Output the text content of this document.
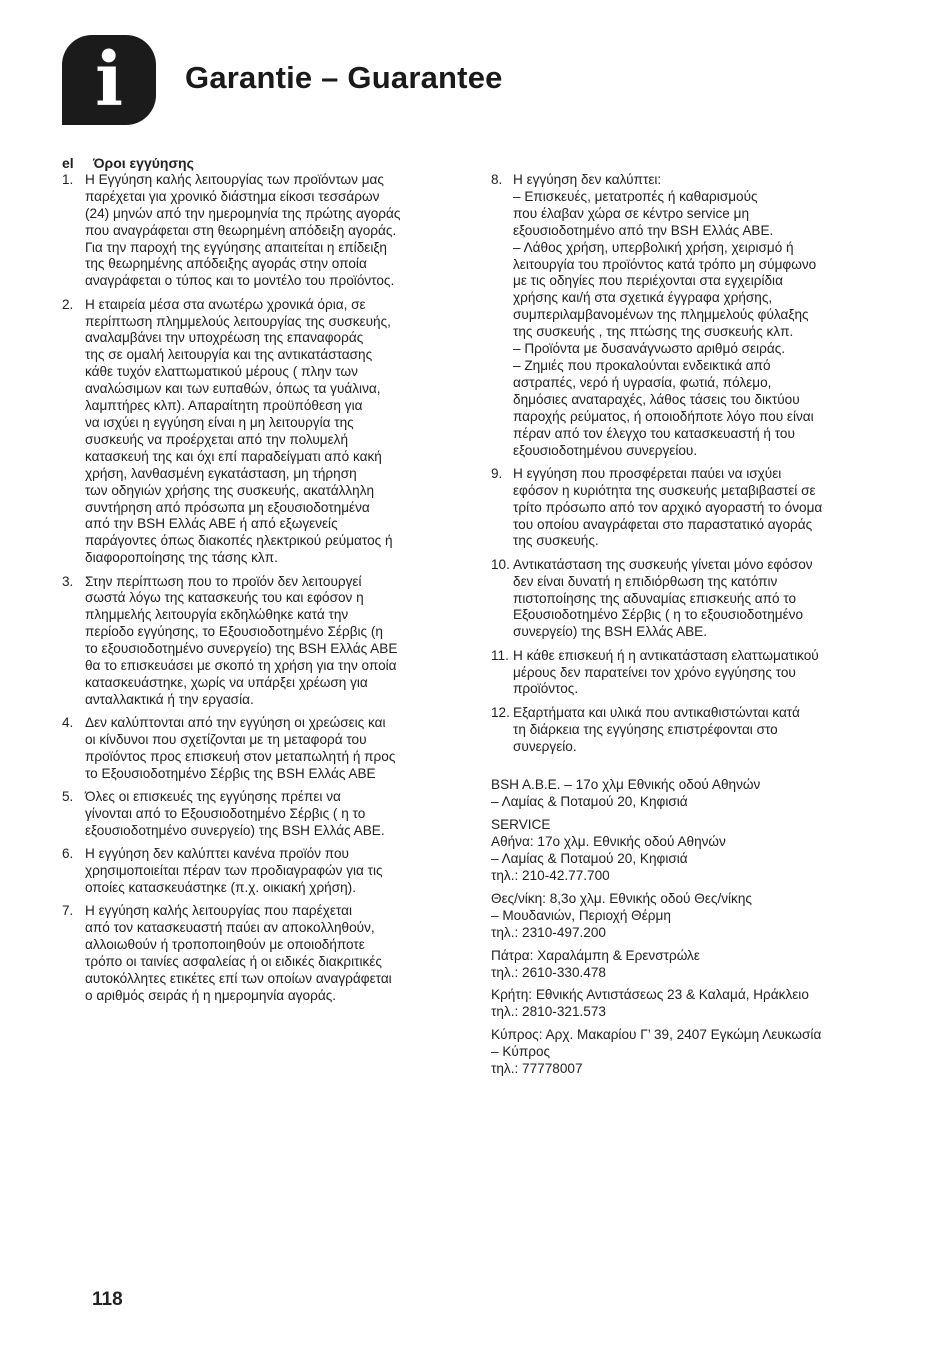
i	Garantie – Guarantee
el	Όροι εγγύησης
1. Η Εγγύηση καλής λειτουργίας των προϊόντων μας
παρέχεται για χρονικό διάστημα είκοσι τεσσάρων
(24) μηνών από την ημερομηνία της πρώτης αγοράς
που αναγράφεται στη θεωρημένη απόδειξη αγοράς.
Για την παροχή της εγγύησης απαιτείται η επίδειξη
της θεωρημένης απόδειξης αγοράς στην οποία
αναγράφεται ο τύπος και το μοντέλο του προϊόντος.
2. Η εταιρεία μέσα στα ανωτέρω χρονικά όρια, σε
περίπτωση πλημμελούς λειτουργίας της συσκευής,
αναλαμβάνει την υποχρέωση της επαναφοράς
της σε ομαλή λειτουργία και της αντικατάστασης
κάθε τυχόν ελαττωματικού μέρους ( πλην των
αναλώσιμων και των ευπαθών, όπως τα γυάλινα,
λαμπτήρες κλπ). Απαραίτητη προϋπόθεση για
να ισχύει η εγγύηση είναι η μη λειτουργία της
συσκευής να προέρχεται από την πολυμελή
κατασκευή της και όχι επί παραδείγματι από κακή
χρήση, λανθασμένη εγκατάσταση, μη τήρηση
των οδηγιών χρήσης της συσκευής, ακατάλληλη
συντήρηση από πρόσωπα μη εξουσιοδοτημένα
από την BSH Ελλάς ΑΒΕ ή από εξωγενείς
παράγοντες όπως διακοπές ηλεκτρικού ρεύματος ή
διαφοροποίησης της τάσης κλπ.
3. Στην περίπτωση που το προϊόν δεν λειτουργεί
σωστά λόγω της κατασκευής του και εφόσον η
πλημμελής λειτουργία εκδηλώθηκε κατά την
περίοδο εγγύησης, το Εξουσιοδοτημένο Σέρβις (η
το εξουσιοδοτημένο συνεργείο) της BSH Ελλάς ΑΒΕ
θα το επισκευάσει με σκοπό τη χρήση για την οποία
κατασκευάστηκε, χωρίς να υπάρξει χρέωση για
ανταλλακτικά ή την εργασία.
4. Δεν καλύπτονται από την εγγύηση οι χρεώσεις και
οι κίνδυνοι που σχετίζονται με τη μεταφορά του
προϊόντος προς επισκευή στον μεταπωλητή ή προς
το Εξουσιοδοτημένο Σέρβις της BSH Ελλάς ΑΒΕ
5. Όλες οι επισκευές της εγγύησης πρέπει να
γίνονται από το Εξουσιοδοτημένο Σέρβις ( η το
εξουσιοδοτημένο συνεργείο) της BSH Ελλάς ΑΒΕ.
6. Η εγγύηση δεν καλύπτει κανένα προϊόν που
χρησιμοποιείται πέραν των προδιαγραφών για τις
οποίες κατασκευάστηκε (π.χ. οικιακή χρήση).
7. Η εγγύηση καλής λειτουργίας που παρέχεται
από τον κατασκευαστή παύει αν αποκολληθούν,
αλλοιωθούν ή τροποποιηθούν με οποιοδήποτε
τρόπο οι ταινίες ασφαλείας ή οι ειδικές διακριτικές
αυτοκόλλητες ετικέτες επί των οποίων αναγράφεται
ο αριθμός σειράς ή η ημερομηνία αγοράς.
8. Η εγγύηση δεν καλύπτει:
– Επισκευές, μετατροπές ή καθαρισμούς
που έλαβαν χώρα σε κέντρο service μη
εξουσιοδοτημένο από την BSH Ελλάς ΑΒΕ.
– Λάθος χρήση, υπερβολική χρήση, χειρισμό ή
λειτουργία του προϊόντος κατά τρόπο μη σύμφωνο
με τις οδηγίες που περιέχονται στα εγχειρίδια
χρήσης και/ή στα σχετικά έγγραφα χρήσης,
συμπεριλαμβανομένων της πλημμελούς φύλαξης
της συσκευής , της πτώσης της συσκευής κλπ.
– Προϊόντα με δυσανάγνωστο αριθμό σειράς.
– Ζημιές που προκαλούνται ενδεικτικά από
αστραπές, νερό ή υγρασία, φωτιά, πόλεμο,
δημόσιες αναταραχές, λάθος τάσεις του δικτύου
παροχής ρεύματος, ή οποιοδήποτε λόγο που είναι
πέραν από τον έλεγχο του κατασκευαστή ή του
εξουσιοδοτημένου συνεργείου.
9. Η εγγύηση που προσφέρεται παύει να ισχύει
εφόσον η κυριότητα της συσκευής μεταβιβαστεί σε
τρίτο πρόσωπο από τον αρχικό αγοραστή το όνομα
του οποίου αναγράφεται στο παραστατικό αγοράς
της συσκευής.
10. Αντικατάσταση της συσκευής γίνεται μόνο εφόσον
δεν είναι δυνατή η επιδιόρθωση της κατόπιν
πιστοποίησης της αδυναμίας επισκευής από το
Εξουσιοδοτημένο Σέρβις ( η το εξουσιοδοτημένο
συνεργείο) της BSH Ελλάς ΑΒΕ.
11. Η κάθε επισκευή ή η αντικατάσταση ελαττωματικού
μέρους δεν παρατείνει τον χρόνο εγγύησης του
προϊόντος.
12. Εξαρτήματα και υλικά που αντικαθιστώνται κατά
τη διάρκεια της εγγύησης επιστρέφονται στο
συνεργείο.
BSH A.B.E. – 17ο χλμ Εθνικής οδού Αθηνών
– Λαμίας & Ποταμού 20, Κηφισιά
SERVICE
Αθήνα: 17ο χλμ. Εθνικής οδού Αθηνών
– Λαμίας & Ποταμού 20, Κηφισιά
τηλ.: 210-42.77.700
Θες/νίκη: 8,3ο χλμ. Εθνικής οδού Θες/νίκης
– Μουδανιών, Περιοχή Θέρμη
τηλ.: 2310-497.200
Πάτρα: Χαραλάμπη & Ερενστρώλε
τηλ.: 2610-330.478
Κρήτη: Εθνικής Αντιστάσεως 23 & Καλαμά, Ηράκλειο
τηλ.: 2810-321.573
Κύπρος: Αρχ. Μακαρίου Γ’ 39, 2407 Εγκώμη Λευκωσία
– Κύπρος
τηλ.: 77778007
118
